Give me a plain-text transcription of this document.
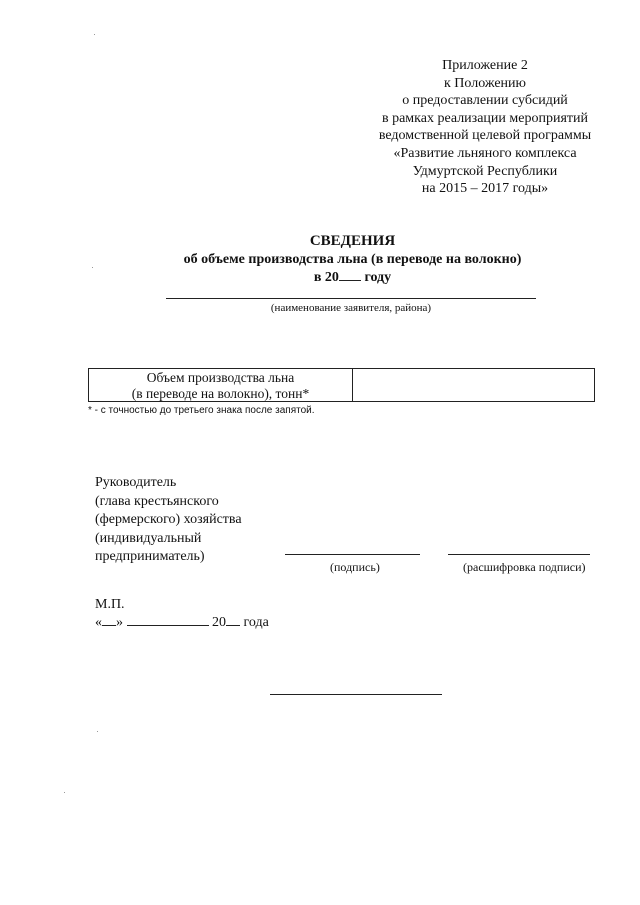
Приложение 2
к Положению
о предоставлении субсидий
в рамках реализации мероприятий
ведомственной целевой программы
«Развитие льняного комплекса
Удмуртской Республики
на 2015 – 2017 годы»
СВЕДЕНИЯ
об объеме производства льна (в переводе на волокно)
в 20 году
(наименование заявителя, района)
Объем производства льна
(в переводе на волокно), тонн*
* - с точностью до третьего знака после запятой.
Руководитель
(глава крестьянского
(фермерского) хозяйства
(индивидуальный
предприниматель)
(подпись)	(расшифровка подписи)
М.П.
« »	20 года
